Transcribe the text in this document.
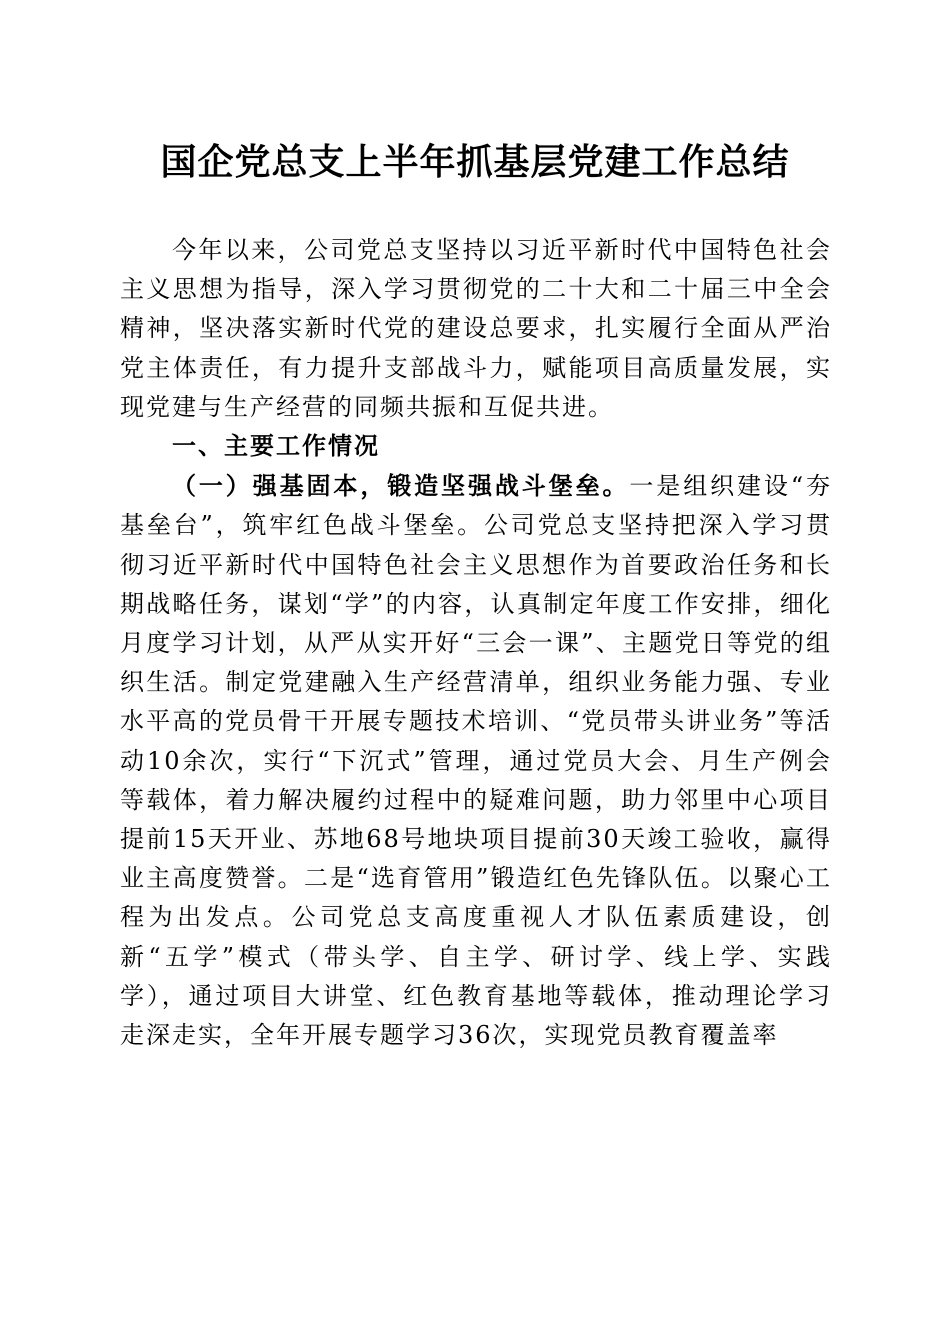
国企党总支上半年抓基层党建工作总结

今年以来，公司党总支坚持以习近平新时代中国特色社会主义思想为指导，深入学习贯彻党的二十大和二十届三中全会精神，坚决落实新时代党的建设总要求，扎实履行全面从严治党主体责任，有力提升支部战斗力，赋能项目高质量发展，实现党建与生产经营的同频共振和互促共进。

一、主要工作情况

（一）强基固本，锻造坚强战斗堡垒。一是组织建设“夯基垒台”，筑牢红色战斗堡垒。公司党总支坚持把深入学习贯彻习近平新时代中国特色社会主义思想作为首要政治任务和长期战略任务，谋划“学”的内容，认真制定年度工作安排，细化月度学习计划，从严从实开好“三会一课”、主题党日等党的组织生活。制定党建融入生产经营清单，组织业务能力强、专业水平高的党员骨干开展专题技术培训、“党员带头讲业务”等活动10余次，实行“下沉式”管理，通过党员大会、月生产例会等载体，着力解决履约过程中的疑难问题，助力邻里中心项目提前15天开业、苏地68号地块项目提前30天竣工验收，赢得业主高度赞誉。二是“选育管用”锻造红色先锋队伍。以聚心工程为出发点。公司党总支高度重视人才队伍素质建设，创新“五学”模式（带头学、自主学、研讨学、线上学、实践学），通过项目大讲堂、红色教育基地等载体，推动理论学习走深走实，全年开展专题学习36次，实现党员教育覆盖率
